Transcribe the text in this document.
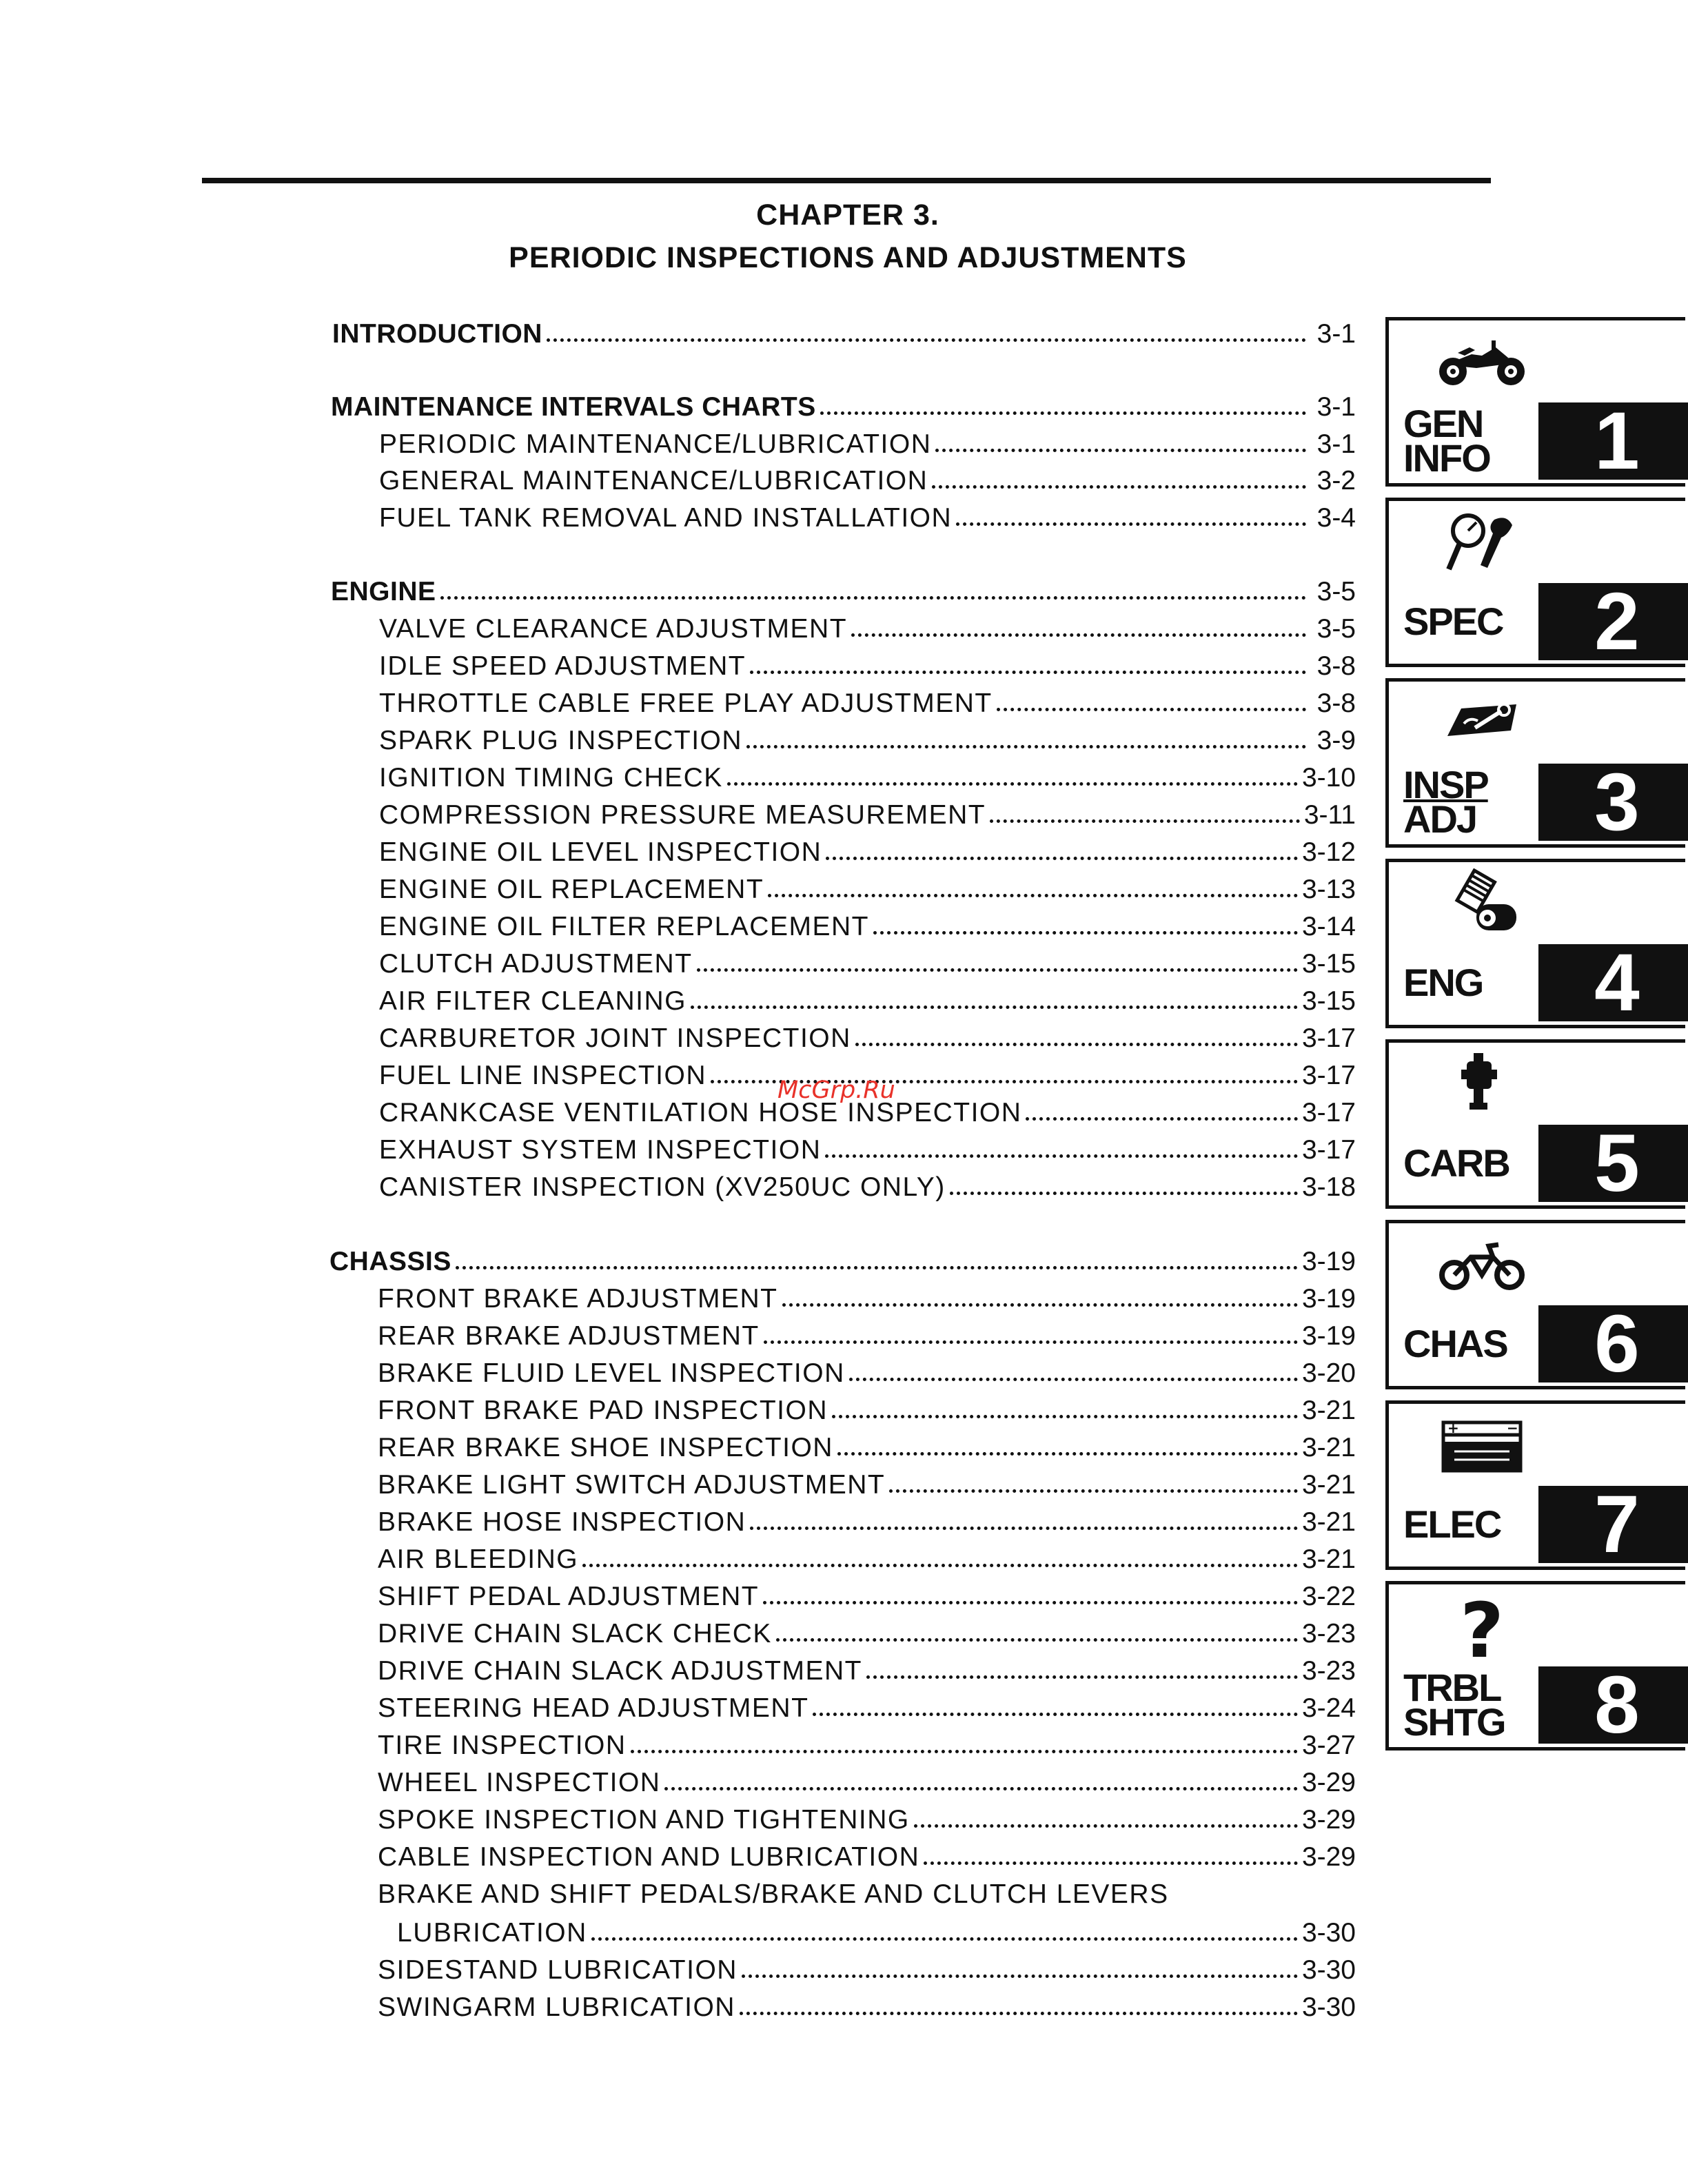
CHAPTER 3.
PERIODIC INSPECTIONS AND ADJUSTMENTS
INTRODUCTION	3-1
MAINTENANCE INTERVALS CHARTS	3-1
PERIODIC MAINTENANCE/LUBRICATION	3-1
GENERAL MAINTENANCE/LUBRICATION	3-2
FUEL TANK REMOVAL AND INSTALLATION	3-4
ENGINE	3-5
VALVE CLEARANCE ADJUSTMENT	3-5
IDLE SPEED ADJUSTMENT	3-8
THROTTLE CABLE FREE PLAY ADJUSTMENT	3-8
SPARK PLUG INSPECTION	3-9
IGNITION TIMING CHECK	3-10
COMPRESSION PRESSURE MEASUREMENT	3-11
ENGINE OIL LEVEL INSPECTION	3-12
ENGINE OIL REPLACEMENT	3-13
ENGINE OIL FILTER REPLACEMENT	3-14
CLUTCH ADJUSTMENT	3-15
AIR FILTER CLEANING	3-15
CARBURETOR JOINT INSPECTION	3-17
FUEL LINE INSPECTION	3-17
CRANKCASE VENTILATION HOSE INSPECTION	3-17
EXHAUST SYSTEM INSPECTION	3-17
CANISTER INSPECTION (XV250UC ONLY)	3-18
CHASSIS	3-19
FRONT BRAKE ADJUSTMENT	3-19
REAR BRAKE ADJUSTMENT	3-19
BRAKE FLUID LEVEL INSPECTION	3-20
FRONT BRAKE PAD INSPECTION	3-21
REAR BRAKE SHOE INSPECTION	3-21
BRAKE LIGHT SWITCH ADJUSTMENT	3-21
BRAKE HOSE INSPECTION	3-21
AIR BLEEDING	3-21
SHIFT PEDAL ADJUSTMENT	3-22
DRIVE CHAIN SLACK CHECK	3-23
DRIVE CHAIN SLACK ADJUSTMENT	3-23
STEERING HEAD ADJUSTMENT	3-24
TIRE INSPECTION	3-27
WHEEL INSPECTION	3-29
SPOKE INSPECTION AND TIGHTENING	3-29
CABLE INSPECTION AND LUBRICATION	3-29
BRAKE AND SHIFT PEDALS/BRAKE AND CLUTCH LEVERS
LUBRICATION	3-30
SIDESTAND LUBRICATION	3-30
SWINGARM LUBRICATION	3-30
McGrp.Ru
GEN
INFO	1
SPEC	2
INSP
ADJ	3
ENG	4
CARB	5
CHAS	6
+	−
ELEC	7
?
TRBL
SHTG	8
